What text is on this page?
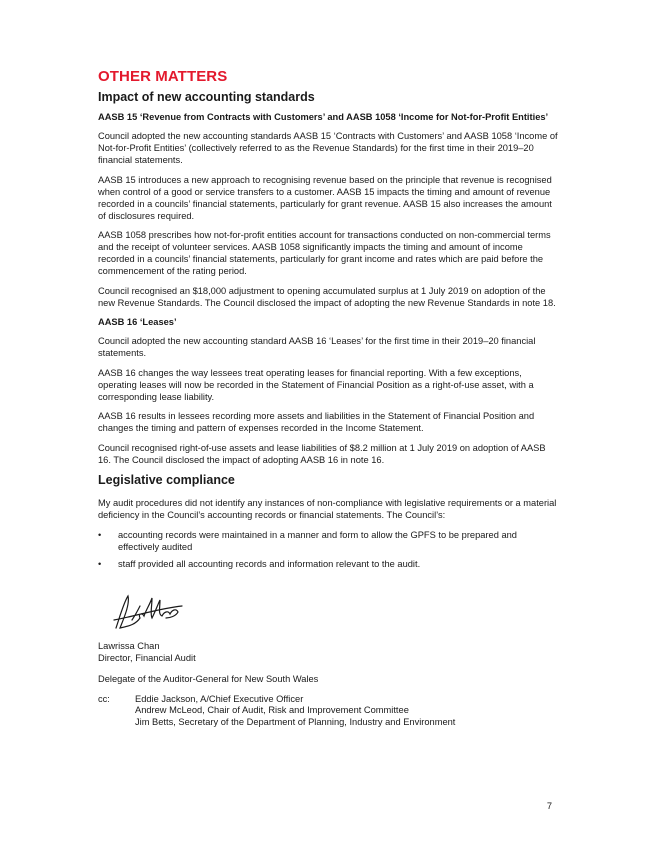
OTHER MATTERS
Impact of new accounting standards
AASB 15 ‘Revenue from Contracts with Customers’ and AASB 1058 ‘Income for Not-for-Profit Entities’

Council adopted the new accounting standards AASB 15 ‘Contracts with Customers’ and AASB 1058 ‘Income of Not-for-Profit Entities’ (collectively referred to as the Revenue Standards) for the first time in their 2019–20 financial statements.

AASB 15 introduces a new approach to recognising revenue based on the principle that revenue is recognised when control of a good or service transfers to a customer. AASB 15 impacts the timing and amount of revenue recorded in a councils’ financial statements, particularly for grant revenue. AASB 15 also increases the amount of disclosures required.

AASB 1058 prescribes how not-for-profit entities account for transactions conducted on non-commercial terms and the receipt of volunteer services. AASB 1058 significantly impacts the timing and amount of income recorded in a councils’ financial statements, particularly for grant income and rates which are paid before the commencement of the rating period.

Council recognised an $18,000 adjustment to opening accumulated surplus at 1 July 2019 on adoption of the new Revenue Standards. The Council disclosed the impact of adopting the new Revenue Standards in note 18.

AASB 16 ‘Leases’

Council adopted the new accounting standard AASB 16 ‘Leases’ for the first time in their 2019–20 financial statements.

AASB 16 changes the way lessees treat operating leases for financial reporting. With a few exceptions, operating leases will now be recorded in the Statement of Financial Position as a right-of-use asset, with a corresponding lease liability.

AASB 16 results in lessees recording more assets and liabilities in the Statement of Financial Position and changes the timing and pattern of expenses recorded in the Income Statement.

Council recognised right-of-use assets and lease liabilities of $8.2 million at 1 July 2019 on adoption of AASB 16. The Council disclosed the impact of adopting AASB 16 in note 16.

Legislative compliance

My audit procedures did not identify any instances of non-compliance with legislative requirements or a material deficiency in the Council’s accounting records or financial statements. The Council’s:

• accounting records were maintained in a manner and form to allow the GPFS to be prepared and effectively audited
• staff provided all accounting records and information relevant to the audit.

Lawrissa Chan

Director, Financial Audit

Delegate of the Auditor-General for New South Wales

cc:	Eddie Jackson, A/Chief Executive Officer
Andrew McLeod, Chair of Audit, Risk and Improvement Committee
Jim Betts, Secretary of the Department of Planning, Industry and Environment
7
